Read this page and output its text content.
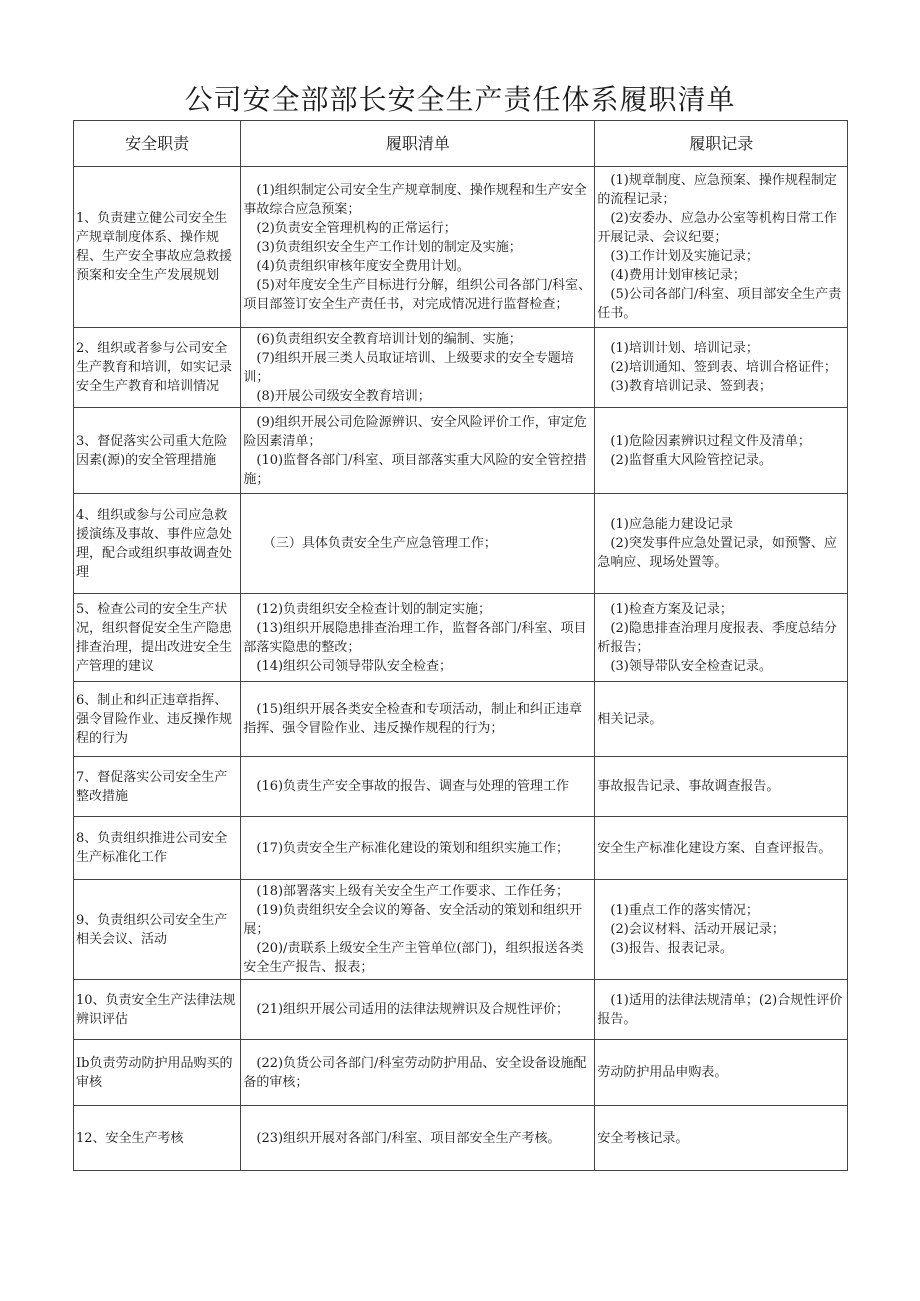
公司安全部部长安全生产责任体系履职清单
安全职责	履职清单	履职记录
1、负责建立健公司安全生产规章制度体系、操作规程、生产安全事故应急救援预案和安全生产发展规划	(1)组织制定公司安全生产规章制度、操作规程和生产安全事故综合应急预案；
(2)负责安全管理机构的正常运行；
(3)负责组织安全生产工作计划的制定及实施；
(4)负责组织审核年度安全费用计划。
(5)对年度安全生产目标进行分解，组织公司各部门/科室、项目部签订安全生产责任书，对完成情况进行监督检查；	(1)规章制度、应急预案、操作规程制定的流程记录；
(2)安委办、应急办公室等机构日常工作开展记录、会议纪要；
(3)工作计划及实施记录；
(4)费用计划审核记录；
(5)公司各部门/科室、项目部安全生产责任书。

2、组织或者参与公司安全生产教育和培训，如实记录安全生产教育和培训情况	(6)负责组织安全教育培训计划的编制、实施；
(7)组织开展三类人员取证培训、上级要求的安全专题培训；
(8)开展公司级安全教育培训；	(1)培训计划、培训记录；
(2)培训通知、签到表、培训合格证件；
(3)教育培训记录、签到表；

3、督促落实公司重大危险因素(源)的安全管理措施	(9)组织开展公司危险源辨识、安全风险评价工作，审定危险因素清单；
(10)监督各部门/科室、项目部落实重大风险的安全管控措施；	(1)危险因素辨识过程文件及清单；
(2)监督重大风险管控记录。

4、组织或参与公司应急救援演练及事故、事件应急处理，配合或组织事故调查处理	（三）具体负责安全生产应急管理工作；	(1)应急能力建设记录
(2)突发事件应急处置记录，如预警、应急响应、现场处置等。

5、检查公司的安全生产状况，组织督促安全生产隐患排查治理，提出改进安全生产管理的建议	(12)负责组织安全检查计划的制定实施；
(13)组织开展隐患排查治理工作，监督各部门/科室、项目部落实隐患的整改；
(14)组织公司领导带队安全检查；	(1)检查方案及记录；
(2)隐患排查治理月度报表、季度总结分析报告；
(3)领导带队安全检查记录。

6、制止和纠正违章指挥、强令冒险作业、违反操作规程的行为	(15)组织开展各类安全检查和专项活动，制止和纠正违章指挥、强令冒险作业、违反操作规程的行为；	相关记录。

7、督促落实公司安全生产整改措施	(16)负责生产安全事故的报告、调查与处理的管理工作	事故报告记录、事故调查报告。

8、负责组织推进公司安全生产标准化工作	(17)负责安全生产标准化建设的策划和组织实施工作；	安全生产标准化建设方案、自查评报告。

9、负责组织公司安全生产相关会议、活动	(18)部署落实上级有关安全生产工作要求、工作任务；
(19)负责组织安全会议的筹备、安全活动的策划和组织开展；
(20)/责联系上级安全生产主管单位(部门)，组织报送各类安全生产报告、报表；	(1)重点工作的落实情况；
(2)会议材料、活动开展记录；
(3)报告、报表记录。

10、负责安全生产法律法规辨识评估	(21)组织开展公司适用的法律法规辨识及合规性评价；	(1)适用的法律法规清单；(2)合规性评价报告。

Ib负责劳动防护用品购买的审核	(22)负货公司各部门/科室劳动防护用品、安全设备设施配备的审核；	劳动防护用品申购表。

12、安全生产考核	(23)组织开展对各部门/科室、项目部安全生产考核。	安全考核记录。
